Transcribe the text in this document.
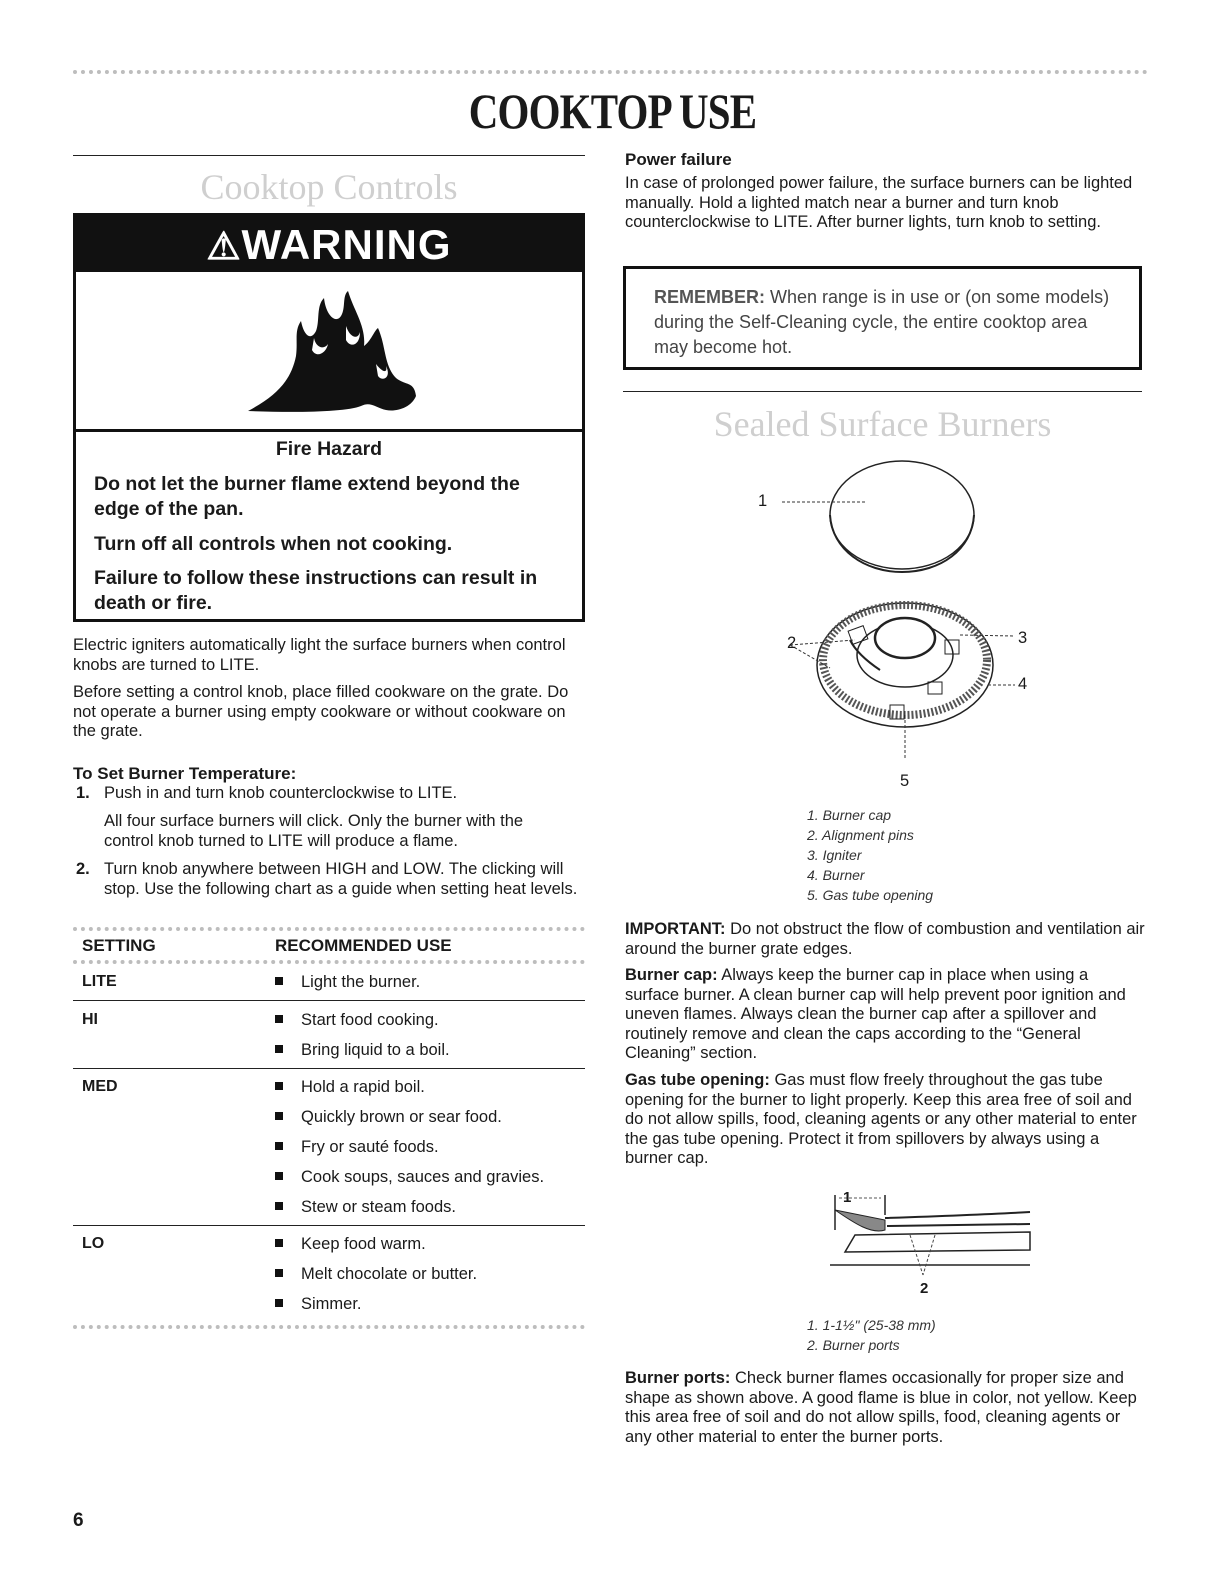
COOKTOP USE
Cooktop Controls
⚠WARNING
Fire Hazard
Do not let the burner flame extend beyond the edge of the pan.
Turn off all controls when not cooking.
Failure to follow these instructions can result in death or fire.
Electric igniters automatically light the surface burners when control knobs are turned to LITE.
Before setting a control knob, place filled cookware on the grate. Do not operate a burner using empty cookware or without cookware on the grate.
To Set Burner Temperature:
1. Push in and turn knob counterclockwise to LITE.
All four surface burners will click. Only the burner with the control knob turned to LITE will produce a flame.
2. Turn knob anywhere between HIGH and LOW. The clicking will stop. Use the following chart as a guide when setting heat levels.
SETTING	RECOMMENDED USE
LITE	Light the burner.
HI	Start food cooking.
Bring liquid to a boil.
MED	Hold a rapid boil.
Quickly brown or sear food.
Fry or sauté foods.
Cook soups, sauces and gravies.
Stew or steam foods.
LO	Keep food warm.
Melt chocolate or butter.
Simmer.
Power failure
In case of prolonged power failure, the surface burners can be lighted manually. Hold a lighted match near a burner and turn knob counterclockwise to LITE. After burner lights, turn knob to setting.
REMEMBER: When range is in use or (on some models) during the Self-Cleaning cycle, the entire cooktop area may become hot.
Sealed Surface Burners
1
2	3
4
5
1. Burner cap
2. Alignment pins
3. Igniter
4. Burner
5. Gas tube opening
IMPORTANT: Do not obstruct the flow of combustion and ventilation air around the burner grate edges.
Burner cap: Always keep the burner cap in place when using a surface burner. A clean burner cap will help prevent poor ignition and uneven flames. Always clean the burner cap after a spillover and routinely remove and clean the caps according to the “General Cleaning” section.
Gas tube opening: Gas must flow freely throughout the gas tube opening for the burner to light properly. Keep this area free of soil and do not allow spills, food, cleaning agents or any other material to enter the gas tube opening. Protect it from spillovers by always using a burner cap.
1
2
1. 1-1½" (25-38 mm)
2. Burner ports
Burner ports: Check burner flames occasionally for proper size and shape as shown above. A good flame is blue in color, not yellow. Keep this area free of soil and do not allow spills, food, cleaning agents or any other material to enter the burner ports.
6
